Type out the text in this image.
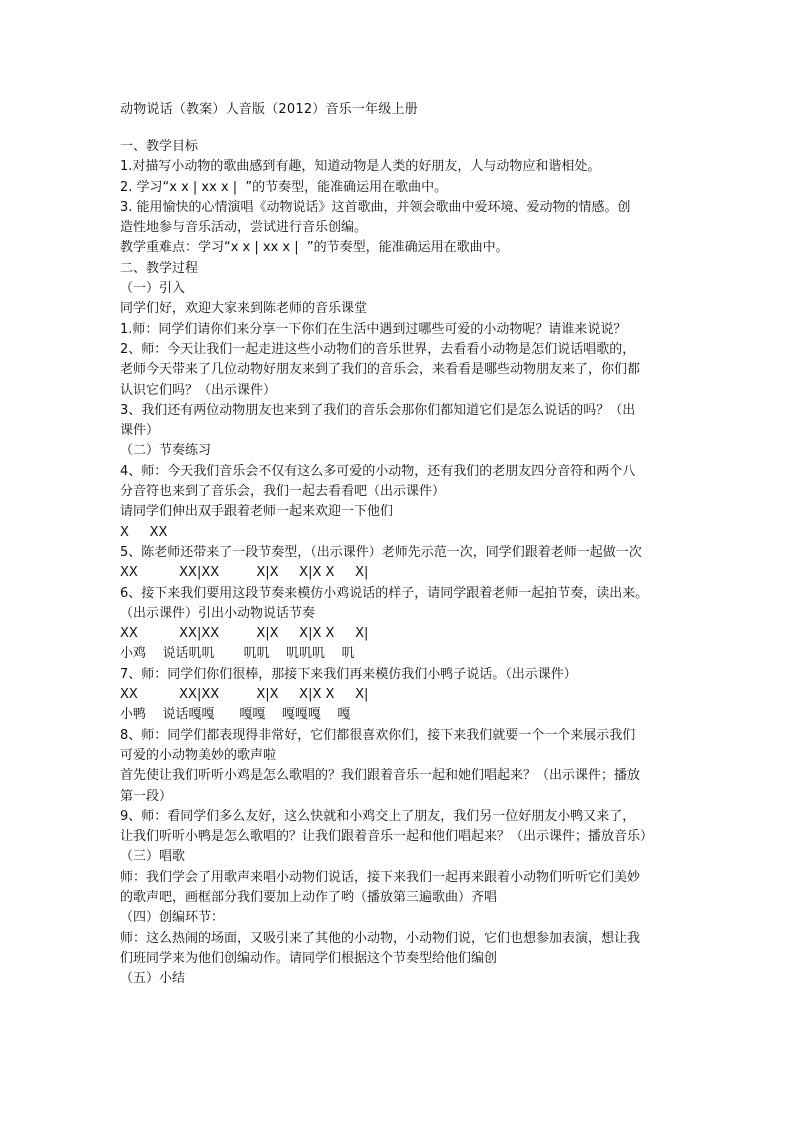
动物说话（教案）人音版（2012）音乐一年级上册
一、教学目标
1.对描写小动物的歌曲感到有趣，知道动物是人类的好朋友，人与动物应和谐相处。
2. 学习“x x | xx x |  ”的节奏型，能准确运用在歌曲中。
3. 能用愉快的心情演唱《动物说话》这首歌曲，并领会歌曲中爱环境、爱动物的情感。创
造性地参与音乐活动，尝试进行音乐创编。
教学重难点：学习“x x | xx x |  ”的节奏型，能准确运用在歌曲中。
二、教学过程
（一）引入
同学们好，欢迎大家来到陈老师的音乐课堂
1.师：同学们请你们来分享一下你们在生活中遇到过哪些可爱的小动物呢？请谁来说说？
2、师：今天让我们一起走进这些小动物们的音乐世界，去看看小动物是怎们说话唱歌的，
老师今天带来了几位动物好朋友来到了我们的音乐会，来看看是哪些动物朋友来了，你们都
认识它们吗？（出示课件）
3、我们还有两位动物朋友也来到了我们的音乐会那你们都知道它们是怎么说话的吗？（出
课件）
（二）节奏练习
4、师：今天我们音乐会不仅有这么多可爱的小动物，还有我们的老朋友四分音符和两个八
分音符也来到了音乐会，我们一起去看看吧（出示课件）
请同学们伸出双手跟着老师一起来欢迎一下他们
X     XX
5、陈老师还带来了一段节奏型，（出示课件）老师先示范一次，同学们跟着老师一起做一次
XX          XX|XX         X|X     X|X X     X|
6、接下来我们要用这段节奏来模仿小鸡说话的样子，请同学跟着老师一起拍节奏，读出来。
（出示课件）引出小动物说话节奏
XX          XX|XX         X|X     X|X X     X|
小鸡    说话叽叽       叽叽    叽叽叽    叽
7、师：同学们你们很棒，那接下来我们再来模仿我们小鸭子说话。（出示课件）
XX          XX|XX         X|X     X|X X     X|
小鸭    说话嘎嘎      嘎嘎    嘎嘎嘎    嘎
8、师：同学们都表现得非常好，它们都很喜欢你们，接下来我们就要一个一个来展示我们
可爱的小动物美妙的歌声啦
首先使让我们听听小鸡是怎么歌唱的？我们跟着音乐一起和她们唱起来？（出示课件；播放
第一段）
9、师：看同学们多么友好，这么快就和小鸡交上了朋友，我们另一位好朋友小鸭又来了，
让我们听听小鸭是怎么歌唱的？让我们跟着音乐一起和他们唱起来？（出示课件；播放音乐）
（三）唱歌
师：我们学会了用歌声来唱小动物们说话，接下来我们一起再来跟着小动物们听听它们美妙
的歌声吧，画框部分我们要加上动作了哟（播放第三遍歌曲）齐唱
（四）创编环节：
师：这么热闹的场面，又吸引来了其他的小动物，小动物们说，它们也想参加表演，想让我
们班同学来为他们创编动作。请同学们根据这个节奏型给他们编创
（五）小结
